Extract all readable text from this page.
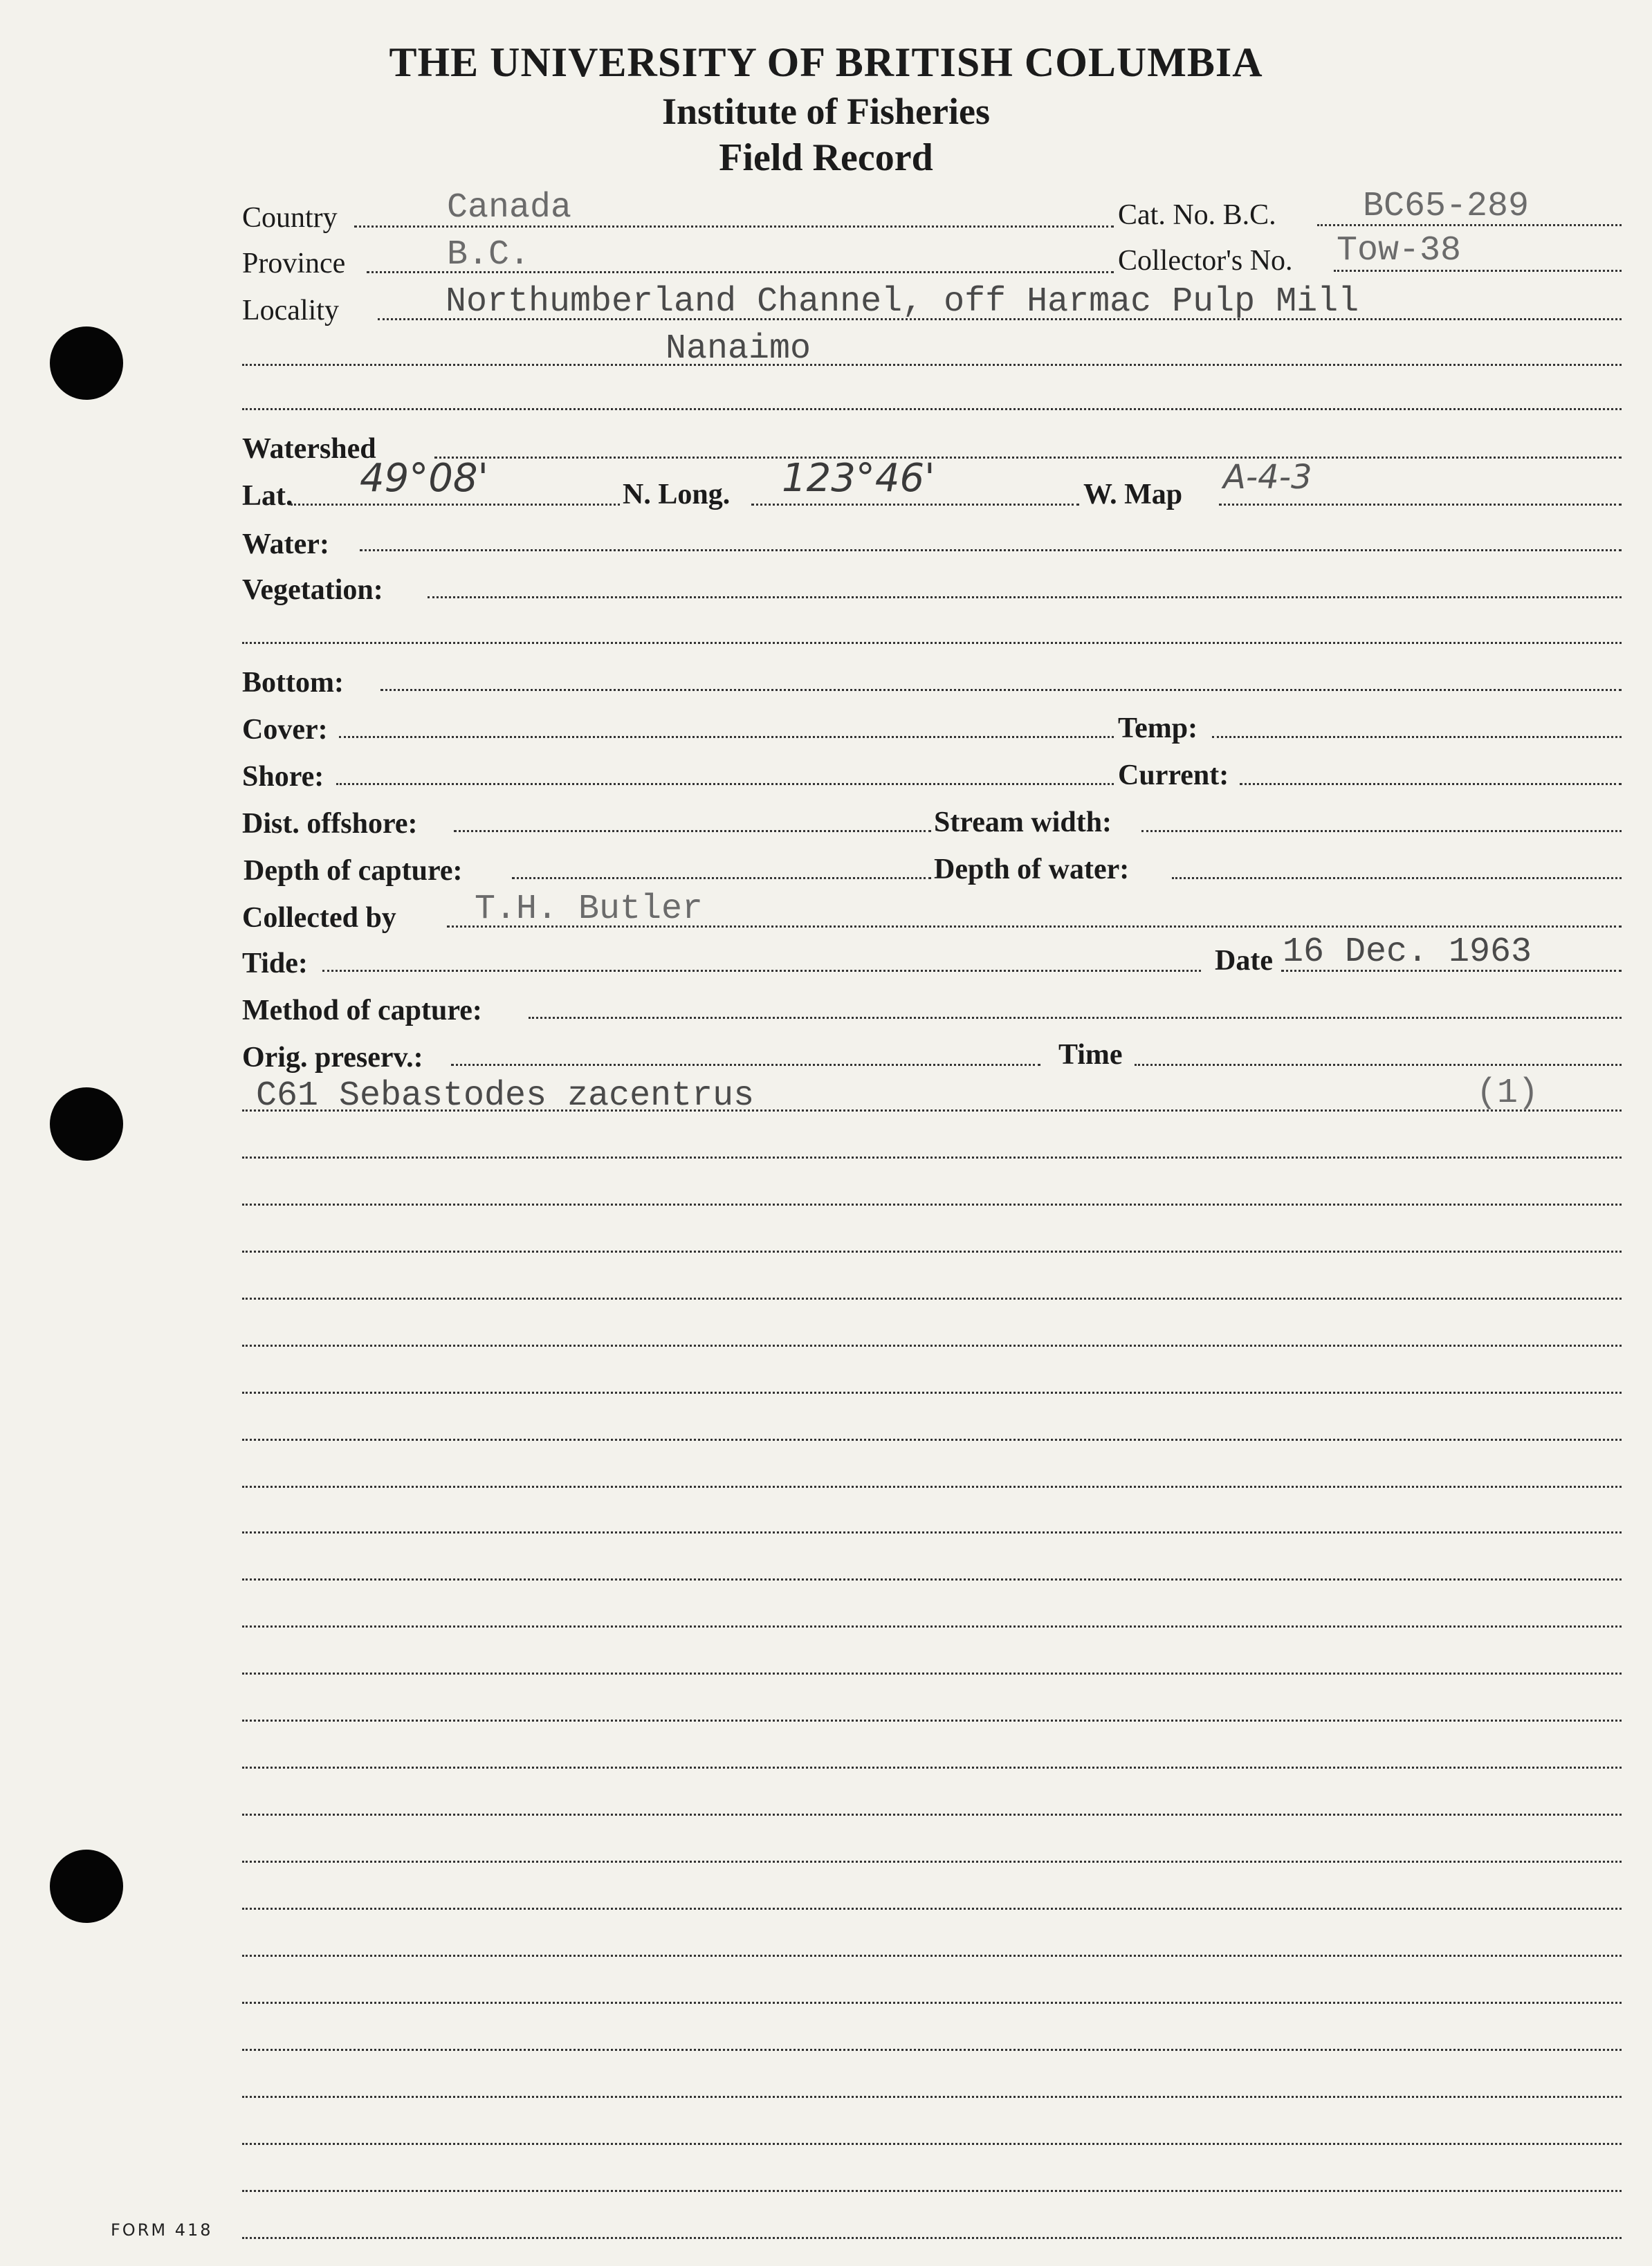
THE UNIVERSITY OF BRITISH COLUMBIA
Institute of Fisheries
Field Record
Country	Canada	Cat. No. B.C.	BC65-289
Province	B.C.	Collector's No. Tow-38
Locality	Northumberland Channel, off Harmac Pulp Mill
Nanaimo
Watershed
Lat. 49°08'	N. Long. 123°46'	W. Map A-4-3
Water:
Vegetation:
Bottom:
Cover:	Temp:
Shore:	Current:
Dist. offshore:	Stream width:
Depth of capture:	Depth of water:
Collected by T.H. Butler
Tide:	Date 16 Dec. 1963
Method of capture:
Orig. preserv.:	Time
C61 Sebastodes zacentrus	(1)
FORM 418
